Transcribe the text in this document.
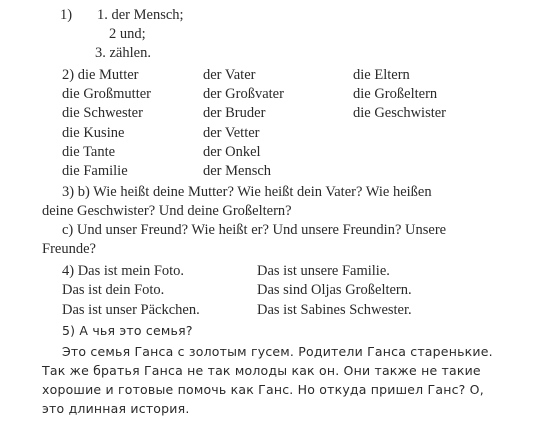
1) 1. der Mensch;
2 und;
3. zählen.
2) die Mutter
die Großmutter
die Schwester
die Kusine
die Tante
die Familie
der Vater
der Großvater
der Bruder
der Vetter
der Onkel
der Mensch
die Eltern
die Großeltern
die Geschwister
3) b) Wie heißt deine Mutter? Wie heißt dein Vater? Wie heißen
deine Geschwister? Und deine Großeltern?
c) Und unser Freund? Wie heißt er? Und unsere Freundin? Unsere
Freunde?
4) Das ist mein Foto.
Das ist dein Foto.
Das ist unser Päckchen.
Das ist unsere Familie.
Das sind Oljas Großeltern.
Das ist Sabines Schwester.
5) А чья это семья?
Это семья Ганса с золотым гусем. Родители Ганса старенькие.
Так же братья Ганса не так молоды как он. Они также не такие
хорошие и готовые помочь как Ганс. Но откуда пришел Ганс? О,
это длинная история.
